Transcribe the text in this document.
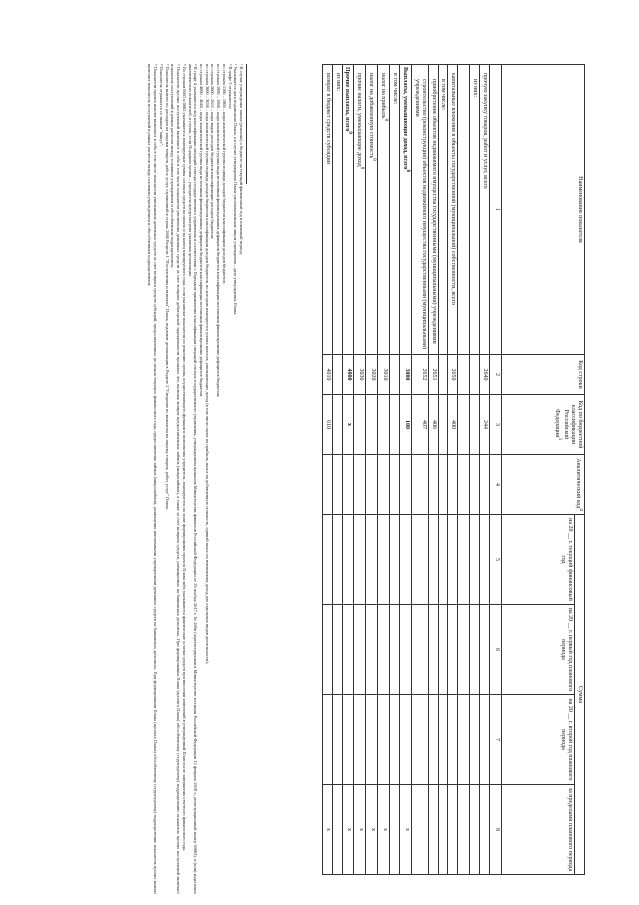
Наименование показателя	Код строки	Код по бюджетной классификации Российской Федерации$^3$	Аналитический код$^4$	Сумма			
				на 20 __ г. текущий финансовый год	на 20 __ г. первый год планового периода	на 20 __ г. второй год планового периода	за пределами планового периода
1	2	3	4	5	6	7	8
прочую закупку товаров, работ и услуг, всего	2640	244					
из них:							

капитальные вложения в объекты государственной (муниципальной) собственности, всего	2650	400					
в том числе:							
приобретение объектов недвижимого имущества государственными (муниципальными) учреждениями	2651	406					
строительство (реконструкция) объектов недвижимого имущества государственными (муниципальными) учреждениями	2652	407					
Выплаты, уменьшающие доход, всего$^8$	3000	100					х
в том числе:							
налог на прибыль$^8$	3010						х
налог на добавленную стоимость$^8$	3020						х
прочие налоги, уменьшающие доход$^8$	3030						х
Прочие выплаты, всего$^9$	4000	х					х
из них:							
возврат в бюджет средств субсидии	4010	610					х

¹ В случае утверждения закона (решения) о бюджете на текущий финансовый год и плановый период.

² Указывается дата подписания Плана, а в случае утверждения Плана уполномоченным лицом учреждения – дата утверждения Плана.

³ В графе 3 отражаются:

по строкам 1100 – 1900 – коды аналитической группы подвида доходов бюджетов классификации доходов бюджетов;

по строкам 1980 – 1990 – коды аналитической группы вида источников финансирования дефицитов бюджетов классификации источников финансирования дефицитов бюджетов;

по строкам 2000 – 2652 – коды видов расходов бюджетов классификации расходов бюджетов;

по строкам 3000 – 3030 – коды аналитической группы подвида доходов бюджетов классификации доходов бюджетов, по которым планируется уплата налогов, уменьшающих доход (в том числе налог на прибыль, налог на добавленную стоимость, единый налог по вмененному доход для отдельных видов деятельности);

по строкам 4000 – 4040 – коды аналитической группы вида источников финансирования дефицитов бюджетов классификации источников финансирования дефицитов бюджетов.

⁴ В графе 4 указывается код классификации операций сектора государственного управления в соответствии с Порядком применения классификации операций сектора государственного управления, утвержденным приказом Министерства финансов Российской Федерации от 29 ноября 2017 г. № 209н (зарегистрирован в Министерстве юстиции Российской Федерации 12 февраля 2018 г., регистрационный номер 50003), и (или) коды иных аналитических показателей, в случае, если Порядком органа – учредителя предусмотрена указанная детализация.

⁵ По строкам 0001 и 0002 указываются планируемые суммы остатков средств на начало и на конец планируемого года, если указанные показатели по решению органа, осуществляющего функции и полномочия учредителя, планируются на этапе формирования проекта Плана либо указываются фактические остатки средств при внесении изменений в утвержденный План после завершения отчетного финансового года.

⁶ Показатели прочих поступлений включают в себя в том числе показатели увеличения денежных средств за счет возврата дебиторской задолженности прошлых лет, включая возврат предоставленных займов (микрозаймов), а также за счет возврата средств, размещенных на банковских депозитах. При формировании Плана (проекта Плана) обособленному (структурному) подразделению показатель прочих поступлений включает показатель поступлений в рамках расчетов между головным учреждением и обособленным подразделением.

⁷ Показатель выплат по расходам на закупки товаров, работ, услуг, отраженный в строке 2600 Раздела 1 "Поступления и выплаты" Плана, подлежит детализации в Разделе 2 "Сведения по выплатам на закупку товаров, работ, услуг" Плана.

⁸ Показатель отражается со знаком "минус".

⁹ Показатели прочих выплат включают в себя в том числе показатели уменьшения денежных средств за счет возврата средств субсидий, предоставленных до начала текущего финансового года, предоставления займов (микрозаймов), размещения автономными учреждениями денежных средств на банковских депозитах. При формировании Плана (проекта Плана) обособленному (структурному) подразделению показатель прочих выплат включает показатель поступлений в рамках расчетов между головным учреждением и обособленным подразделением.
